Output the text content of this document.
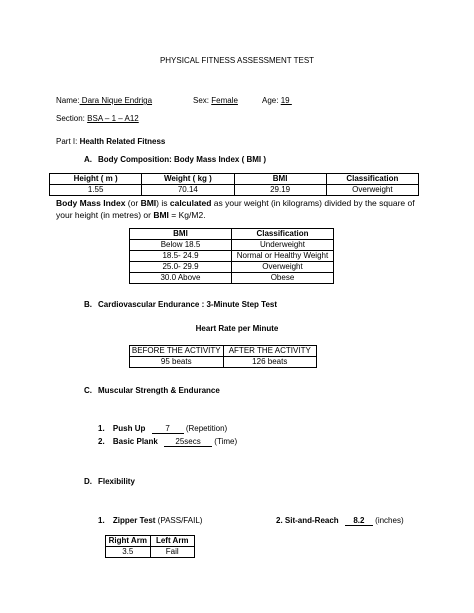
PHYSICAL FITNESS ASSESSMENT TEST
Name: Dara Nique Endriga	Sex: Female	Age: 19
Section: BSA – 1 – A12
Part I: Health Related Fitness
A. Body Composition: Body Mass Index ( BMI )
Height ( m )	Weight ( kg )	BMI	Classification
1.55	70.14	29.19	Overweight
Body Mass Index (or BMI) is calculated as your weight (in kilograms) divided by the square of
your height (in metres) or BMI = Kg/M2.
BMI	Classification
Below 18.5	Underweight
18.5- 24.9	Normal or Healthy Weight
25.0- 29.9	Overweight
30.0 Above	Obese
B. Cardiovascular Endurance : 3-Minute Step Test
Heart Rate per Minute
BEFORE THE ACTIVITY	AFTER THE ACTIVITY
95 beats	126 beats
C. Muscular Strength & Endurance
1. Push Up	7 (Repetition)
2. Basic Plank 25secs (Time)
D. Flexibility
1. Zipper Test (PASS/FAIL)	2. Sit-and-Reach 8.2 (inches)
Right Arm	Left Arm
3.5	Fail
